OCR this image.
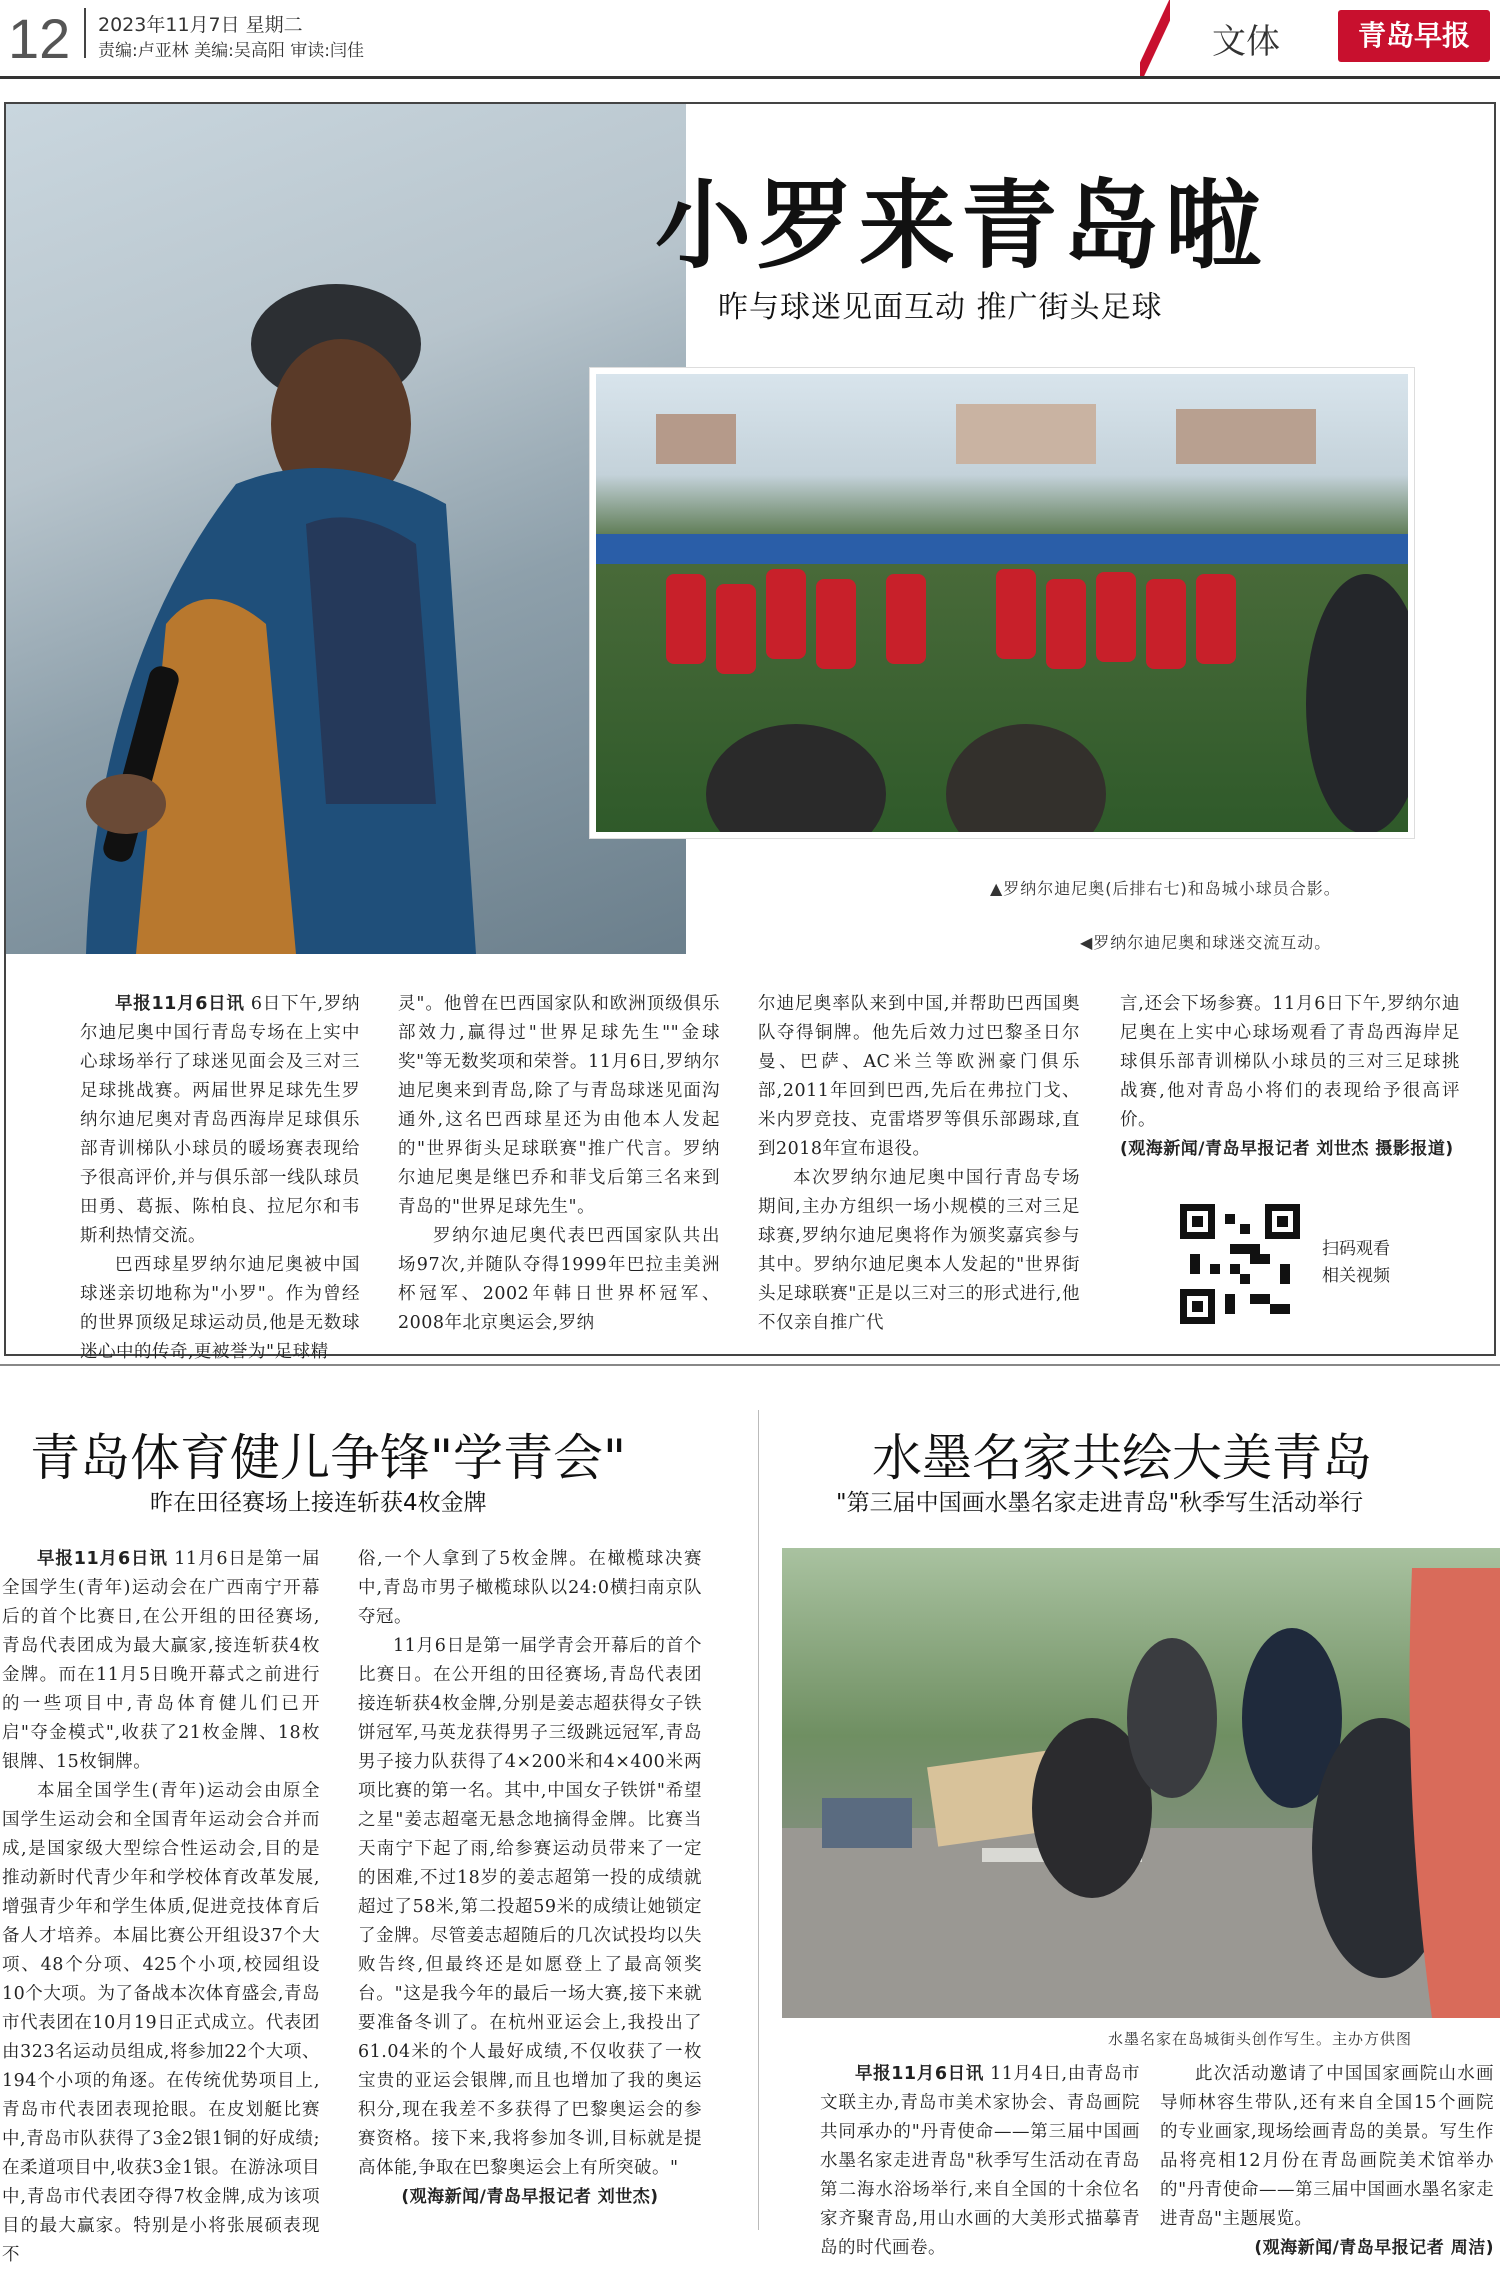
12 2023年11月7日 星期二
责编:卢亚林 美编:吴高阳 审读:闫佳	文体	青岛早报
小罗来青岛啦
昨与球迷见面互动 推广街头足球
▲罗纳尔迪尼奥(后排右七)和岛城小球员合影。
◀罗纳尔迪尼奥和球迷交流互动。

早报11月6日讯 6日下午,罗纳尔迪尼奥中国行青岛专场在上实中心球场举行了球迷见面会及三对三足球挑战赛。两届世界足球先生罗纳尔迪尼奥对青岛西海岸足球俱乐部青训梯队小球员的暖场赛表现给予很高评价,并与俱乐部一线队球员田勇、葛振、陈柏良、拉尼尔和韦斯利热情交流。

巴西球星罗纳尔迪尼奥被中国球迷亲切地称为"小罗"。作为曾经的世界顶级足球运动员,他是无数球迷心中的传奇,更被誉为"足球精

灵"。他曾在巴西国家队和欧洲顶级俱乐部效力,赢得过"世界足球先生""金球奖"等无数奖项和荣誉。11月6日,罗纳尔迪尼奥来到青岛,除了与青岛球迷见面沟通外,这名巴西球星还为由他本人发起的"世界街头足球联赛"推广代言。罗纳尔迪尼奥是继巴乔和菲戈后第三名来到青岛的"世界足球先生"。

罗纳尔迪尼奥代表巴西国家队共出场97次,并随队夺得1999年巴拉圭美洲杯冠军、2002年韩日世界杯冠军、2008年北京奥运会,罗纳

尔迪尼奥率队来到中国,并帮助巴西国奥队夺得铜牌。他先后效力过巴黎圣日尔曼、巴萨、AC米兰等欧洲豪门俱乐部,2011年回到巴西,先后在弗拉门戈、米内罗竞技、克雷塔罗等俱乐部踢球,直到2018年宣布退役。

本次罗纳尔迪尼奥中国行青岛专场期间,主办方组织一场小规模的三对三足球赛,罗纳尔迪尼奥将作为颁奖嘉宾参与其中。罗纳尔迪尼奥本人发起的"世界街头足球联赛"正是以三对三的形式进行,他不仅亲自推广代

言,还会下场参赛。11月6日下午,罗纳尔迪尼奥在上实中心球场观看了青岛西海岸足球俱乐部青训梯队小球员的三对三足球挑战赛,他对青岛小将们的表现给予很高评价。

(观海新闻/青岛早报记者 刘世杰 摄影报道)

扫码观看
相关视频
青岛体育健儿争锋"学青会"
昨在田径赛场上接连斩获4枚金牌

早报11月6日讯 11月6日是第一届全国学生(青年)运动会在广西南宁开幕后的首个比赛日,在公开组的田径赛场,青岛代表团成为最大赢家,接连斩获4枚金牌。而在11月5日晚开幕式之前进行的一些项目中,青岛体育健儿们已开启"夺金模式",收获了21枚金牌、18枚银牌、15枚铜牌。

本届全国学生(青年)运动会由原全国学生运动会和全国青年运动会合并而成,是国家级大型综合性运动会,目的是推动新时代青少年和学校体育改革发展,增强青少年和学生体质,促进竞技体育后备人才培养。本届比赛公开组设37个大项、48个分项、425个小项,校园组设10个大项。为了备战本次体育盛会,青岛市代表团在10月19日正式成立。代表团由323名运动员组成,将参加22个大项、194个小项的角逐。在传统优势项目上,青岛市代表团表现抢眼。在皮划艇比赛中,青岛市队获得了3金2银1铜的好成绩;在柔道项目中,收获3金1银。在游泳项目中,青岛市代表团夺得7枚金牌,成为该项目的最大赢家。特别是小将张展硕表现不

俗,一个人拿到了5枚金牌。在橄榄球决赛中,青岛市男子橄榄球队以24:0横扫南京队夺冠。

11月6日是第一届学青会开幕后的首个比赛日。在公开组的田径赛场,青岛代表团接连斩获4枚金牌,分别是姜志超获得女子铁饼冠军,马英龙获得男子三级跳远冠军,青岛男子接力队获得了4×200米和4×400米两项比赛的第一名。其中,中国女子铁饼"希望之星"姜志超毫无悬念地摘得金牌。比赛当天南宁下起了雨,给参赛运动员带来了一定的困难,不过18岁的姜志超第一投的成绩就超过了58米,第二投超59米的成绩让她锁定了金牌。尽管姜志超随后的几次试投均以失败告终,但最终还是如愿登上了最高领奖台。"这是我今年的最后一场大赛,接下来就要准备冬训了。在杭州亚运会上,我投出了61.04米的个人最好成绩,不仅收获了一枚宝贵的亚运会银牌,而且也增加了我的奥运积分,现在我差不多获得了巴黎奥运会的参赛资格。接下来,我将参加冬训,目标就是提高体能,争取在巴黎奥运会上有所突破。"

(观海新闻/青岛早报记者 刘世杰)

水墨名家共绘大美青岛
"第三届中国画水墨名家走进青岛"秋季写生活动举行
水墨名家在岛城街头创作写生。主办方供图

早报11月6日讯 11月4日,由青岛市文联主办,青岛市美术家协会、青岛画院共同承办的"丹青使命——第三届中国画水墨名家走进青岛"秋季写生活动在青岛第二海水浴场举行,来自全国的十余位名家齐聚青岛,用山水画的大美形式描摹青岛的时代画卷。

此次活动邀请了中国国家画院山水画导师林容生带队,还有来自全国15个画院的专业画家,现场绘画青岛的美景。写生作品将亮相12月份在青岛画院美术馆举办的"丹青使命——第三届中国画水墨名家走进青岛"主题展览。

(观海新闻/青岛早报记者 周洁)
